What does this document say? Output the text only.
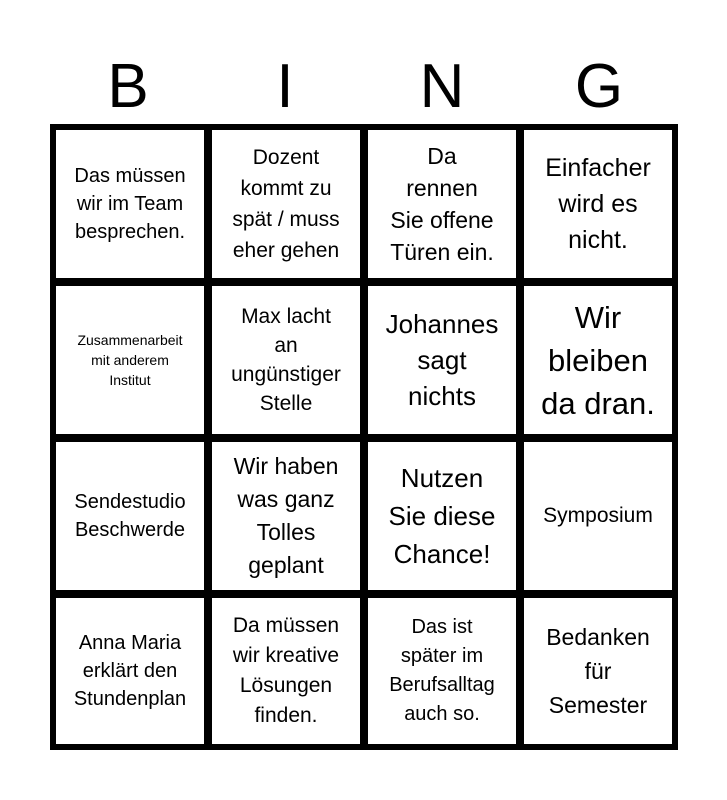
B	I	N	G
Das müssen
wir im Team
besprechen.
Dozent
kommt zu
spät / muss
eher gehen
Da
rennen
Sie offene
Türen ein.
Einfacher
wird es
nicht.
Zusammenarbeit
mit anderem
Institut
Max lacht
an
ungünstiger
Stelle
Johannes
sagt
nichts
Wir
bleiben
da dran.
Sendestudio
Beschwerde
Wir haben
was ganz
Tolles
geplant
Nutzen
Sie diese
Chance!
Symposium
Anna Maria
erklärt den
Stundenplan
Da müssen
wir kreative
Lösungen
finden.
Das ist
später im
Berufsalltag
auch so.
Bedanken
für
Semester
